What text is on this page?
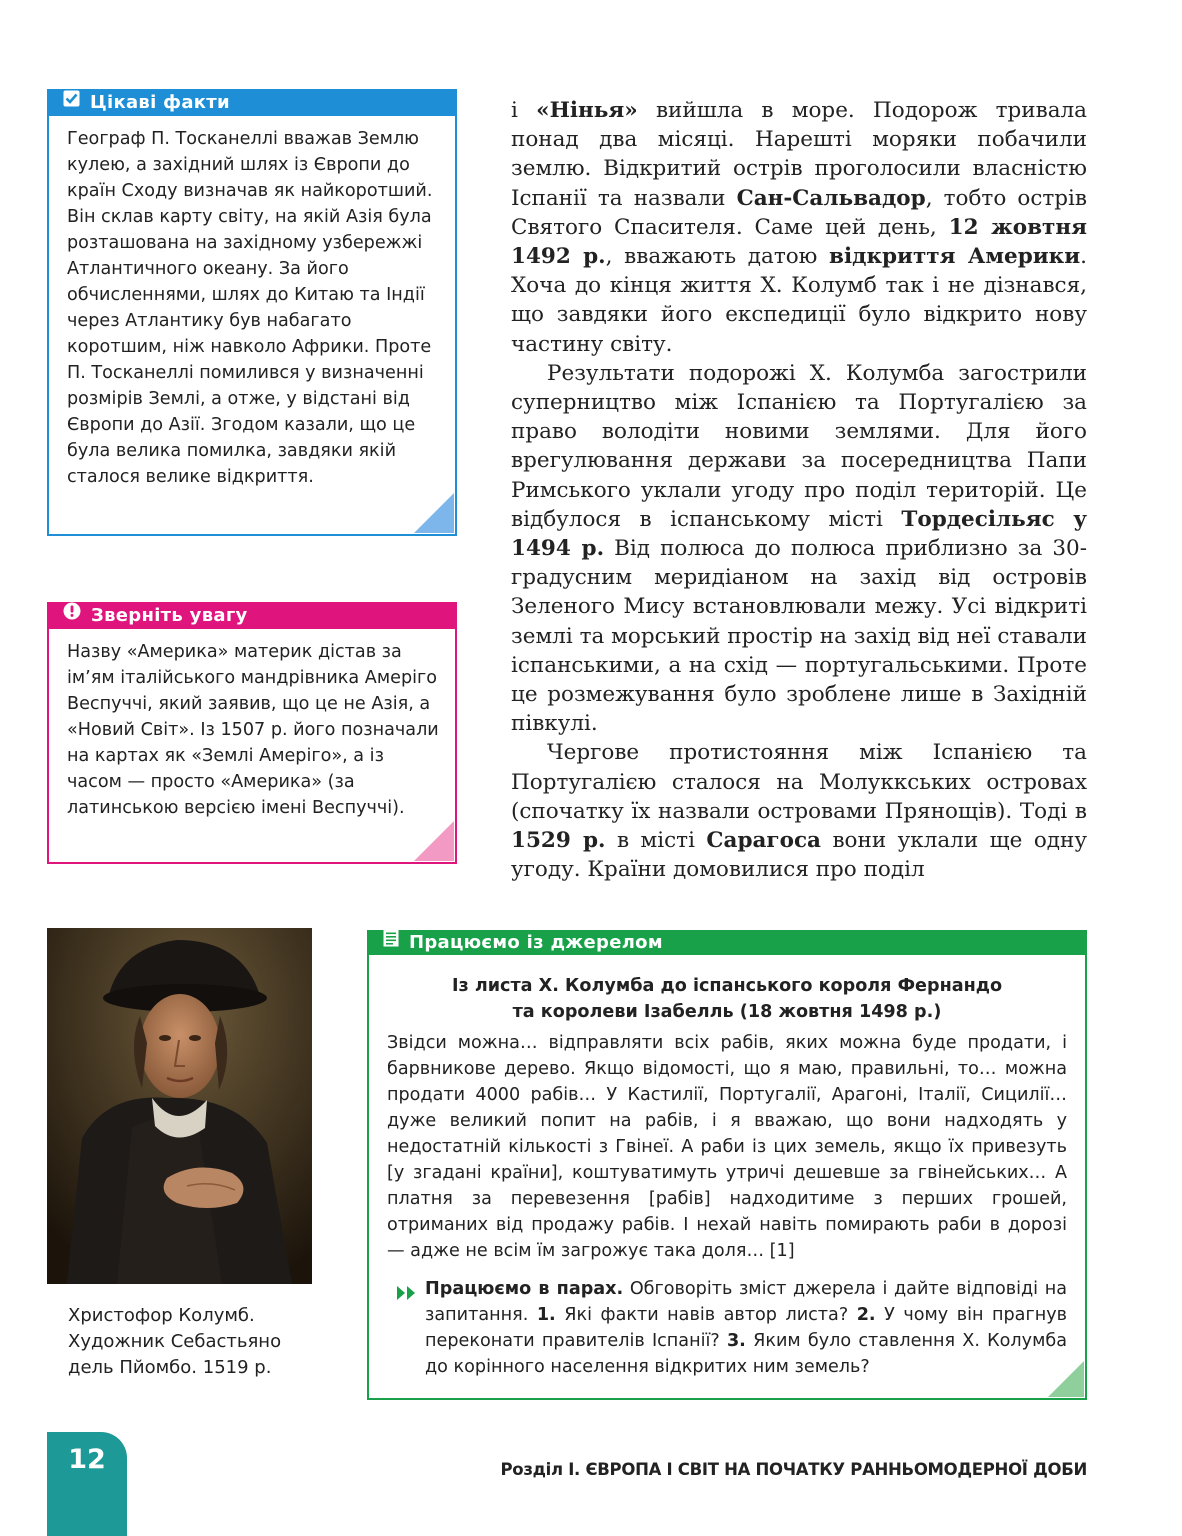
Цікаві факти
Географ П. Тосканеллі вважав Землю кулею, а західний шлях із Європи до країн Сходу визначав як найкоротший. Він склав карту світу, на якій Азія була розташована на західному узбережжі Атлантичного океану. За його обчисленнями, шлях до Китаю та Індії через Атлантику був набагато коротшим, ніж навколо Африки. Проте П. Тосканеллі помилився у визначенні розмірів Землі, а отже, у відстані від Європи до Азії. Згодом казали, що це була велика помилка, завдяки якій сталося велике відкриття.
Зверніть увагу
Назву «Америка» материк дістав за ім’ям італійського мандрівника Амеріго Веспуччі, який заявив, що це не Азія, а «Новий Світ». Із 1507 р. його позначали на картах як «Землі Амеріго», а із часом — просто «Америка» (за латинською версією імені Веспуччі).

і «Нінья» вийшла в море. Подорож тривала понад два місяці. Нарешті моряки побачили землю. Відкритий острів проголосили власністю Іспанії та назвали Сан-Сальвадор, тобто острів Святого Спасителя. Саме цей день, 12 жовтня 1492 р., вважають датою відкриття Америки. Хоча до кінця життя Х. Колумб так і не дізнався, що завдяки його експедиції було відкрито нову частину світу.

Результати подорожі Х. Колумба загострили суперництво між Іспанією та Португалією за право володіти новими землями. Для його врегулювання держави за посередництва Папи Римського уклали угоду про поділ територій. Це відбулося в іспанському місті Тордесільяс у 1494 р. Від полюса до полюса приблизно за 30-градусним меридіаном на захід від островів Зеленого Мису встановлювали межу. Усі відкриті землі та морський простір на захід від неї ставали іспанськими, а на схід — португальськими. Проте це розмежування було зроблене лише в Західній півкулі.

Чергове протистояння між Іспанією та Португалією сталося на Молуккських островах (спочатку їх назвали островами Прянощів). Тоді в 1529 р. в місті Сарагоса вони уклали ще одну угоду. Країни домовилися про поділ

Христофор Колумб.
Художник Себастьяно
дель Пйомбо. 1519 р.
Працюємо із джерелом
Із листа Х. Колумба до іспанського короля Фернандо
та королеви Ізабелль (18 жовтня 1498 р.)
Звідси можна… відправляти всіх рабів, яких можна буде продати, і барвникове дерево. Якщо відомості, що я маю, правильні, то… можна продати 4000 рабів… У Кастилії, Португалії, Арагоні, Італії, Сицилії… дуже великий попит на рабів, і я вважаю, що вони надходять у недостатній кількості з Гвінеї. А раби із цих земель, якщо їх привезуть [у згадані країни], коштуватимуть утричі дешевше за гвінейських… А платня за перевезення [рабів] надходитиме з перших грошей, отриманих від продажу рабів. І нехай навіть помирають раби в дорозі — адже не всім їм загрожує така доля… [1]
Працюємо в парах. Обговоріть зміст джерела і дайте відповіді на запитання. 1. Які факти навів автор листа? 2. У чому він прагнув переконати правителів Іспанії? 3. Яким було ставлення Х. Колумба до корінного населення відкритих ним земель?
12	Розділ І. ЄВРОПА І СВІТ НА ПОЧАТКУ РАННЬОМОДЕРНОЇ ДОБИ
